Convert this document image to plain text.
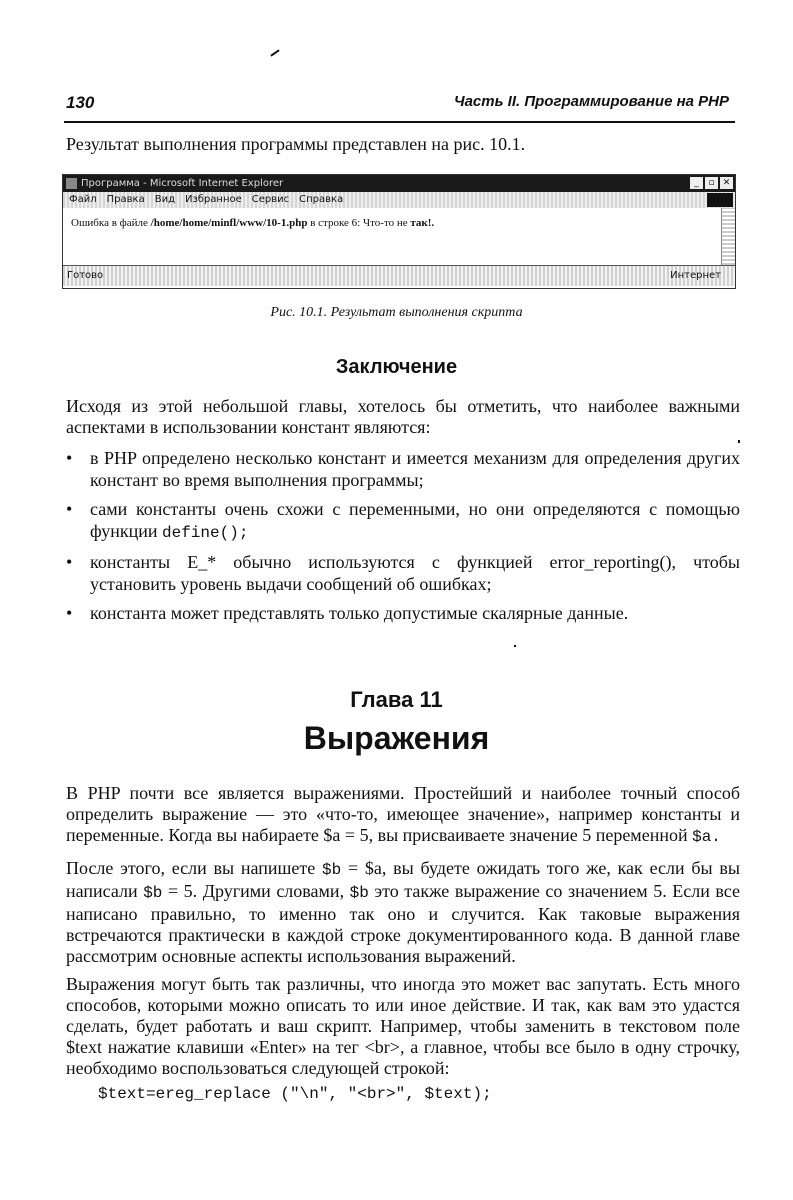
130	Часть II. Программирование на PHP
Результат выполнения программы представлен на рис. 10.1.
Программа - Microsoft Internet Explorer	_	▫ ✕
Файл Правка Вид Избранное Сервис Справка
Ошибка в файле /home/home/minfl/www/10-1.php в строке 6: Что-то не так!.
Готово	Интернет
Рис. 10.1. Результат выполнения скрипта
Заключение
Исходя из этой небольшой главы, хотелось бы отметить, что наиболее важными аспектами в использовании констант являются:
• в PHP определено несколько констант и имеется механизм для определения других констант во время выполнения программы;
• сами константы очень схожи с переменными, но они определяются с помощью функции define();
• константы E_* обычно используются с функцией error_reporting(), чтобы установить уровень выдачи сообщений об ошибках;
• константа может представлять только допустимые скалярные данные.
Глава 11
Выражения
В PHP почти все является выражениями. Простейший и наиболее точный способ определить выражение — это «что-то, имеющее значение», например константы и переменные. Когда вы набираете $a = 5, вы присваиваете значение 5 переменной $a.
После этого, если вы напишете $b = $a, вы будете ожидать того же, как если бы вы написали $b = 5. Другими словами, $b это также выражение со значением 5. Если все написано правильно, то именно так оно и случится. Как таковые выражения встречаются практически в каждой строке документированного кода. В данной главе рассмотрим основные аспекты использования выражений.
Выражения могут быть так различны, что иногда это может вас запутать. Есть много способов, которыми можно описать то или иное действие. И так, как вам это удастся сделать, будет работать и ваш скрипт. Например, чтобы заменить в текстовом поле $text нажатие клавиши «Enter» на тег <br>, а главное, чтобы все было в одну строчку, необходимо воспользоваться следующей строкой:
$text=ereg_replace ("\n", "<br>", $text);
